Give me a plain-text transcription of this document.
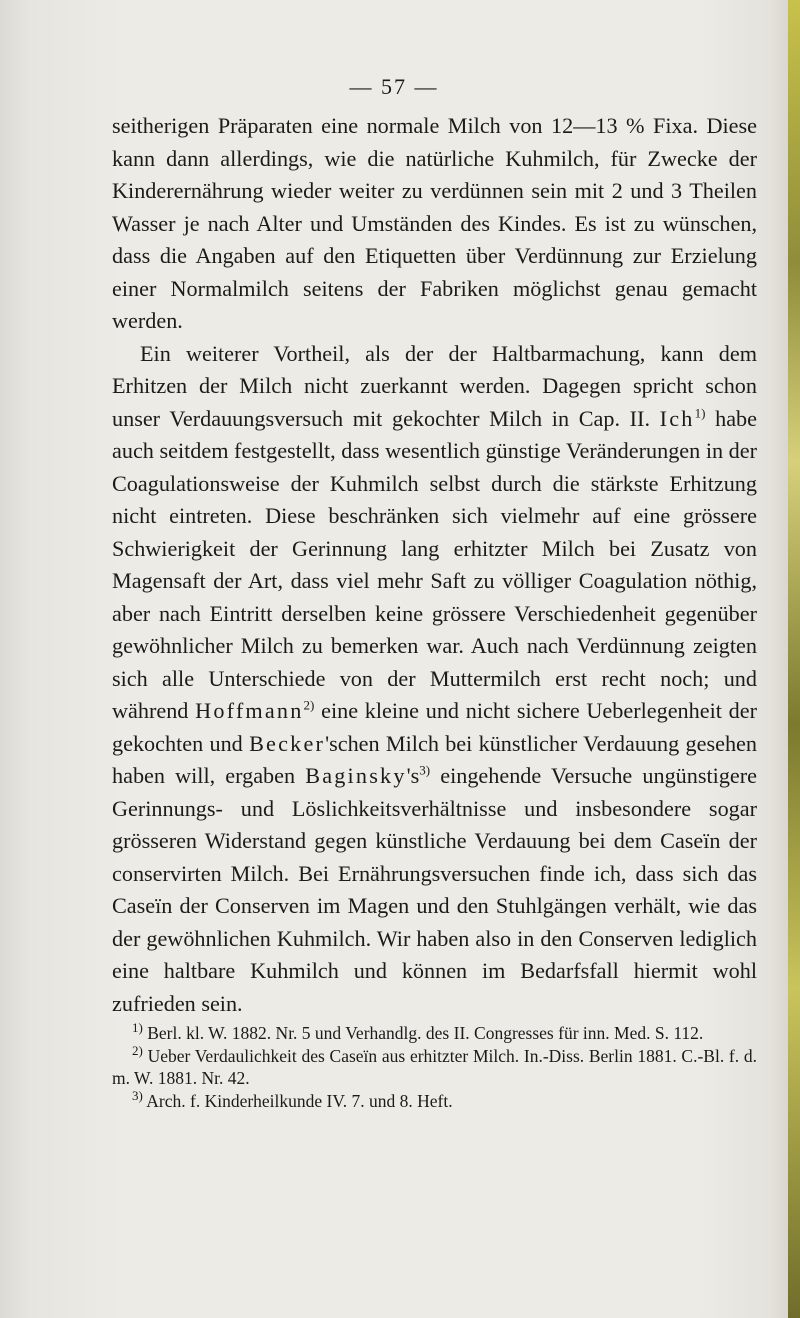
— 57 —

seitherigen Präparaten eine normale Milch von 12—13 % Fixa. Diese kann dann allerdings, wie die natürliche Kuhmilch, für Zwecke der Kinderernährung wieder weiter zu verdünnen sein mit 2 und 3 Theilen Wasser je nach Alter und Umständen des Kindes. Es ist zu wünschen, dass die Angaben auf den Etiquetten über Verdünnung zur Erzielung einer Normalmilch seitens der Fabriken möglichst genau gemacht werden.

Ein weiterer Vortheil, als der der Haltbarmachung, kann dem Erhitzen der Milch nicht zuerkannt werden. Dagegen spricht schon unser Verdauungsversuch mit gekochter Milch in Cap. II. Ich$^{1)}$ habe auch seitdem festgestellt, dass wesentlich günstige Veränderungen in der Coagulationsweise der Kuhmilch selbst durch die stärkste Erhitzung nicht eintreten. Diese beschränken sich vielmehr auf eine grössere Schwierigkeit der Gerinnung lang erhitzter Milch bei Zusatz von Magensaft der Art, dass viel mehr Saft zu völliger Coagulation nöthig, aber nach Eintritt derselben keine grössere Verschiedenheit gegenüber gewöhnlicher Milch zu bemerken war. Auch nach Verdünnung zeigten sich alle Unterschiede von der Muttermilch erst recht noch; und während Hoffmann$^{2)}$ eine kleine und nicht sichere Ueberlegenheit der gekochten und Becker'schen Milch bei künstlicher Verdauung gesehen haben will, ergaben $Baginsky's^{3)}$ eingehende Versuche ungünstigere Gerinnungs- und Löslichkeitsverhältnisse und insbesondere sogar grösseren Widerstand gegen künstliche Verdauung bei dem Caseïn der conservirten Milch. Bei Ernährungsversuchen finde ich, dass sich das Caseïn der Conserven im Magen und den Stuhlgängen verhält, wie das der gewöhnlichen Kuhmilch. Wir haben also in den Conserven lediglich eine haltbare Kuhmilch und können im Bedarfsfall hiermit wohl zufrieden sein.

$^{1)}$ Berl. kl. W. 1882. Nr. 5 und Verhandlg. des II. Congresses für inn. Med. S. 112.

$^{2)}$ Ueber Verdaulichkeit des Caseïn aus erhitzter Milch. In.-Diss. Berlin 1881. C.-Bl. f. d. m. W. 1881. Nr. 42.

$^{3)}$ Arch. f. Kinderheilkunde IV. 7. und 8. Heft.
